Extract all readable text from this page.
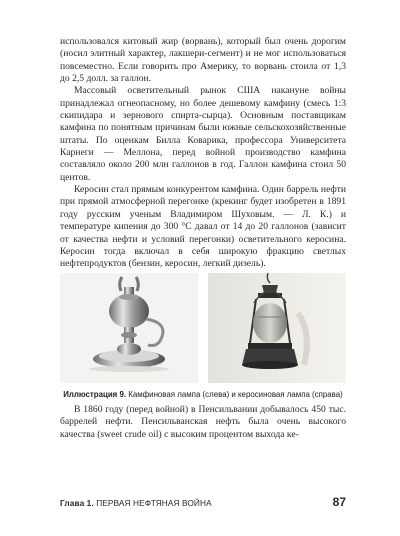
использовался китовый жир (ворвань), который был очень дорогим (носил элитный характер, лакшери-сегмент) и не мог использоваться повсеместно. Если говорить про Америку, то ворвань стоила от 1,3 до 2,5 долл. за галлон.

Массовый осветительный рынок США накануне войны принадлежал огнеопасному, но более дешевому камфину (смесь 1:3 скипидара и зернового спирта-сырца). Основным поставщикам камфина по понятным причинам были южные сельскохозяйственные штаты. По оценкам Билла Коварика, профессора Университета Карнеги — Меллона, перед войной производство камфина составляло около 200 млн галлонов в год. Галлон камфина стоил 50 центов.

Керосин стал прямым конкурентом камфина. Один баррель нефти при прямой атмосферной перегонке (крекинг будет изобретен в 1891 году русским ученым Владимиром Шуховым. — Л. К.) и температуре кипения до 300 °С давал от 14 до 20 галлонов (зависит от качества нефти и условий перегонки) осветительного керосина. Керосин тогда включал в себя широкую фракцию светлых нефтепродуктов (бензин, керосин, легкий дизель).

Иллюстрация 9. Камфиновая лампа (слева) и керосиновая лампа (справа)

В 1860 году (перед войной) в Пенсильвании добывалось 450 тыс. баррелей нефти. Пенсильванская нефть была очень высокого качества (sweet crude oil) с высоким процентом выхода ке-

Глава 1. ПЕРВАЯ НЕФТЯНАЯ ВОЙНА	87
